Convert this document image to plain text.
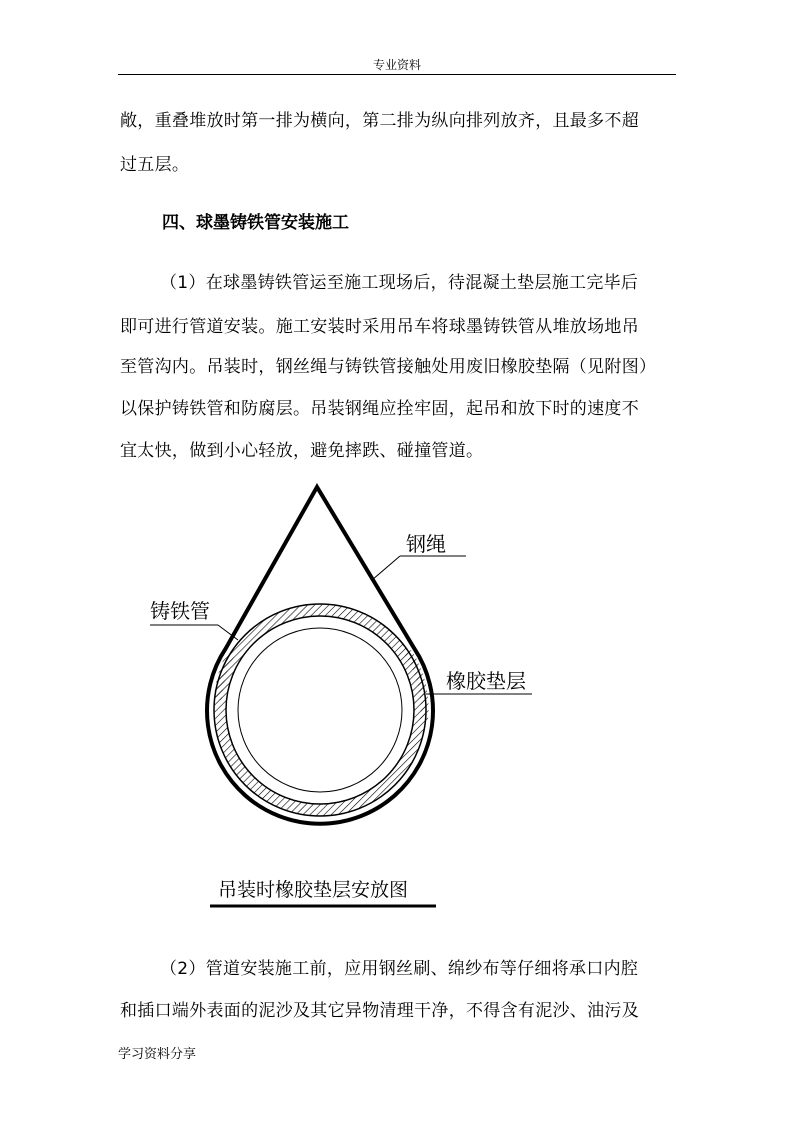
专业资料
敞，重叠堆放时第一排为横向，第二排为纵向排列放齐，且最多不超
过五层。
四、球墨铸铁管安装施工
（1）在球墨铸铁管运至施工现场后，待混凝土垫层施工完毕后
即可进行管道安装。施工安装时采用吊车将球墨铸铁管从堆放场地吊
至管沟内。吊装时，钢丝绳与铸铁管接触处用废旧橡胶垫隔（见附图）
以保护铸铁管和防腐层。吊装钢绳应拴牢固，起吊和放下时的速度不
宜太快，做到小心轻放，避免摔跌、碰撞管道。
钢绳
铸铁管
橡胶垫层
吊装时橡胶垫层安放图
（2）管道安装施工前，应用钢丝刷、绵纱布等仔细将承口内腔
和插口端外表面的泥沙及其它异物清理干净，不得含有泥沙、油污及
学习资料分享
